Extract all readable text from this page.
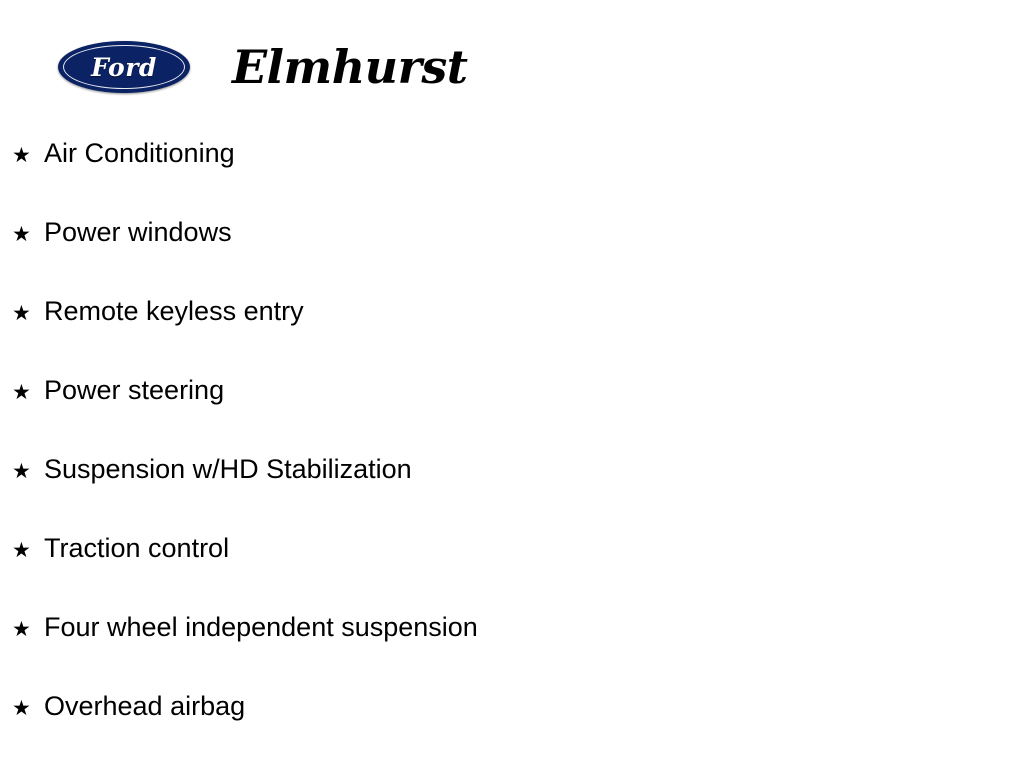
Ford	Elmhurst
★ Air Conditioning
★ Power windows
★ Remote keyless entry
★ Power steering
★ Suspension w/HD Stabilization
★ Traction control
★ Four wheel independent suspension
★ Overhead airbag
